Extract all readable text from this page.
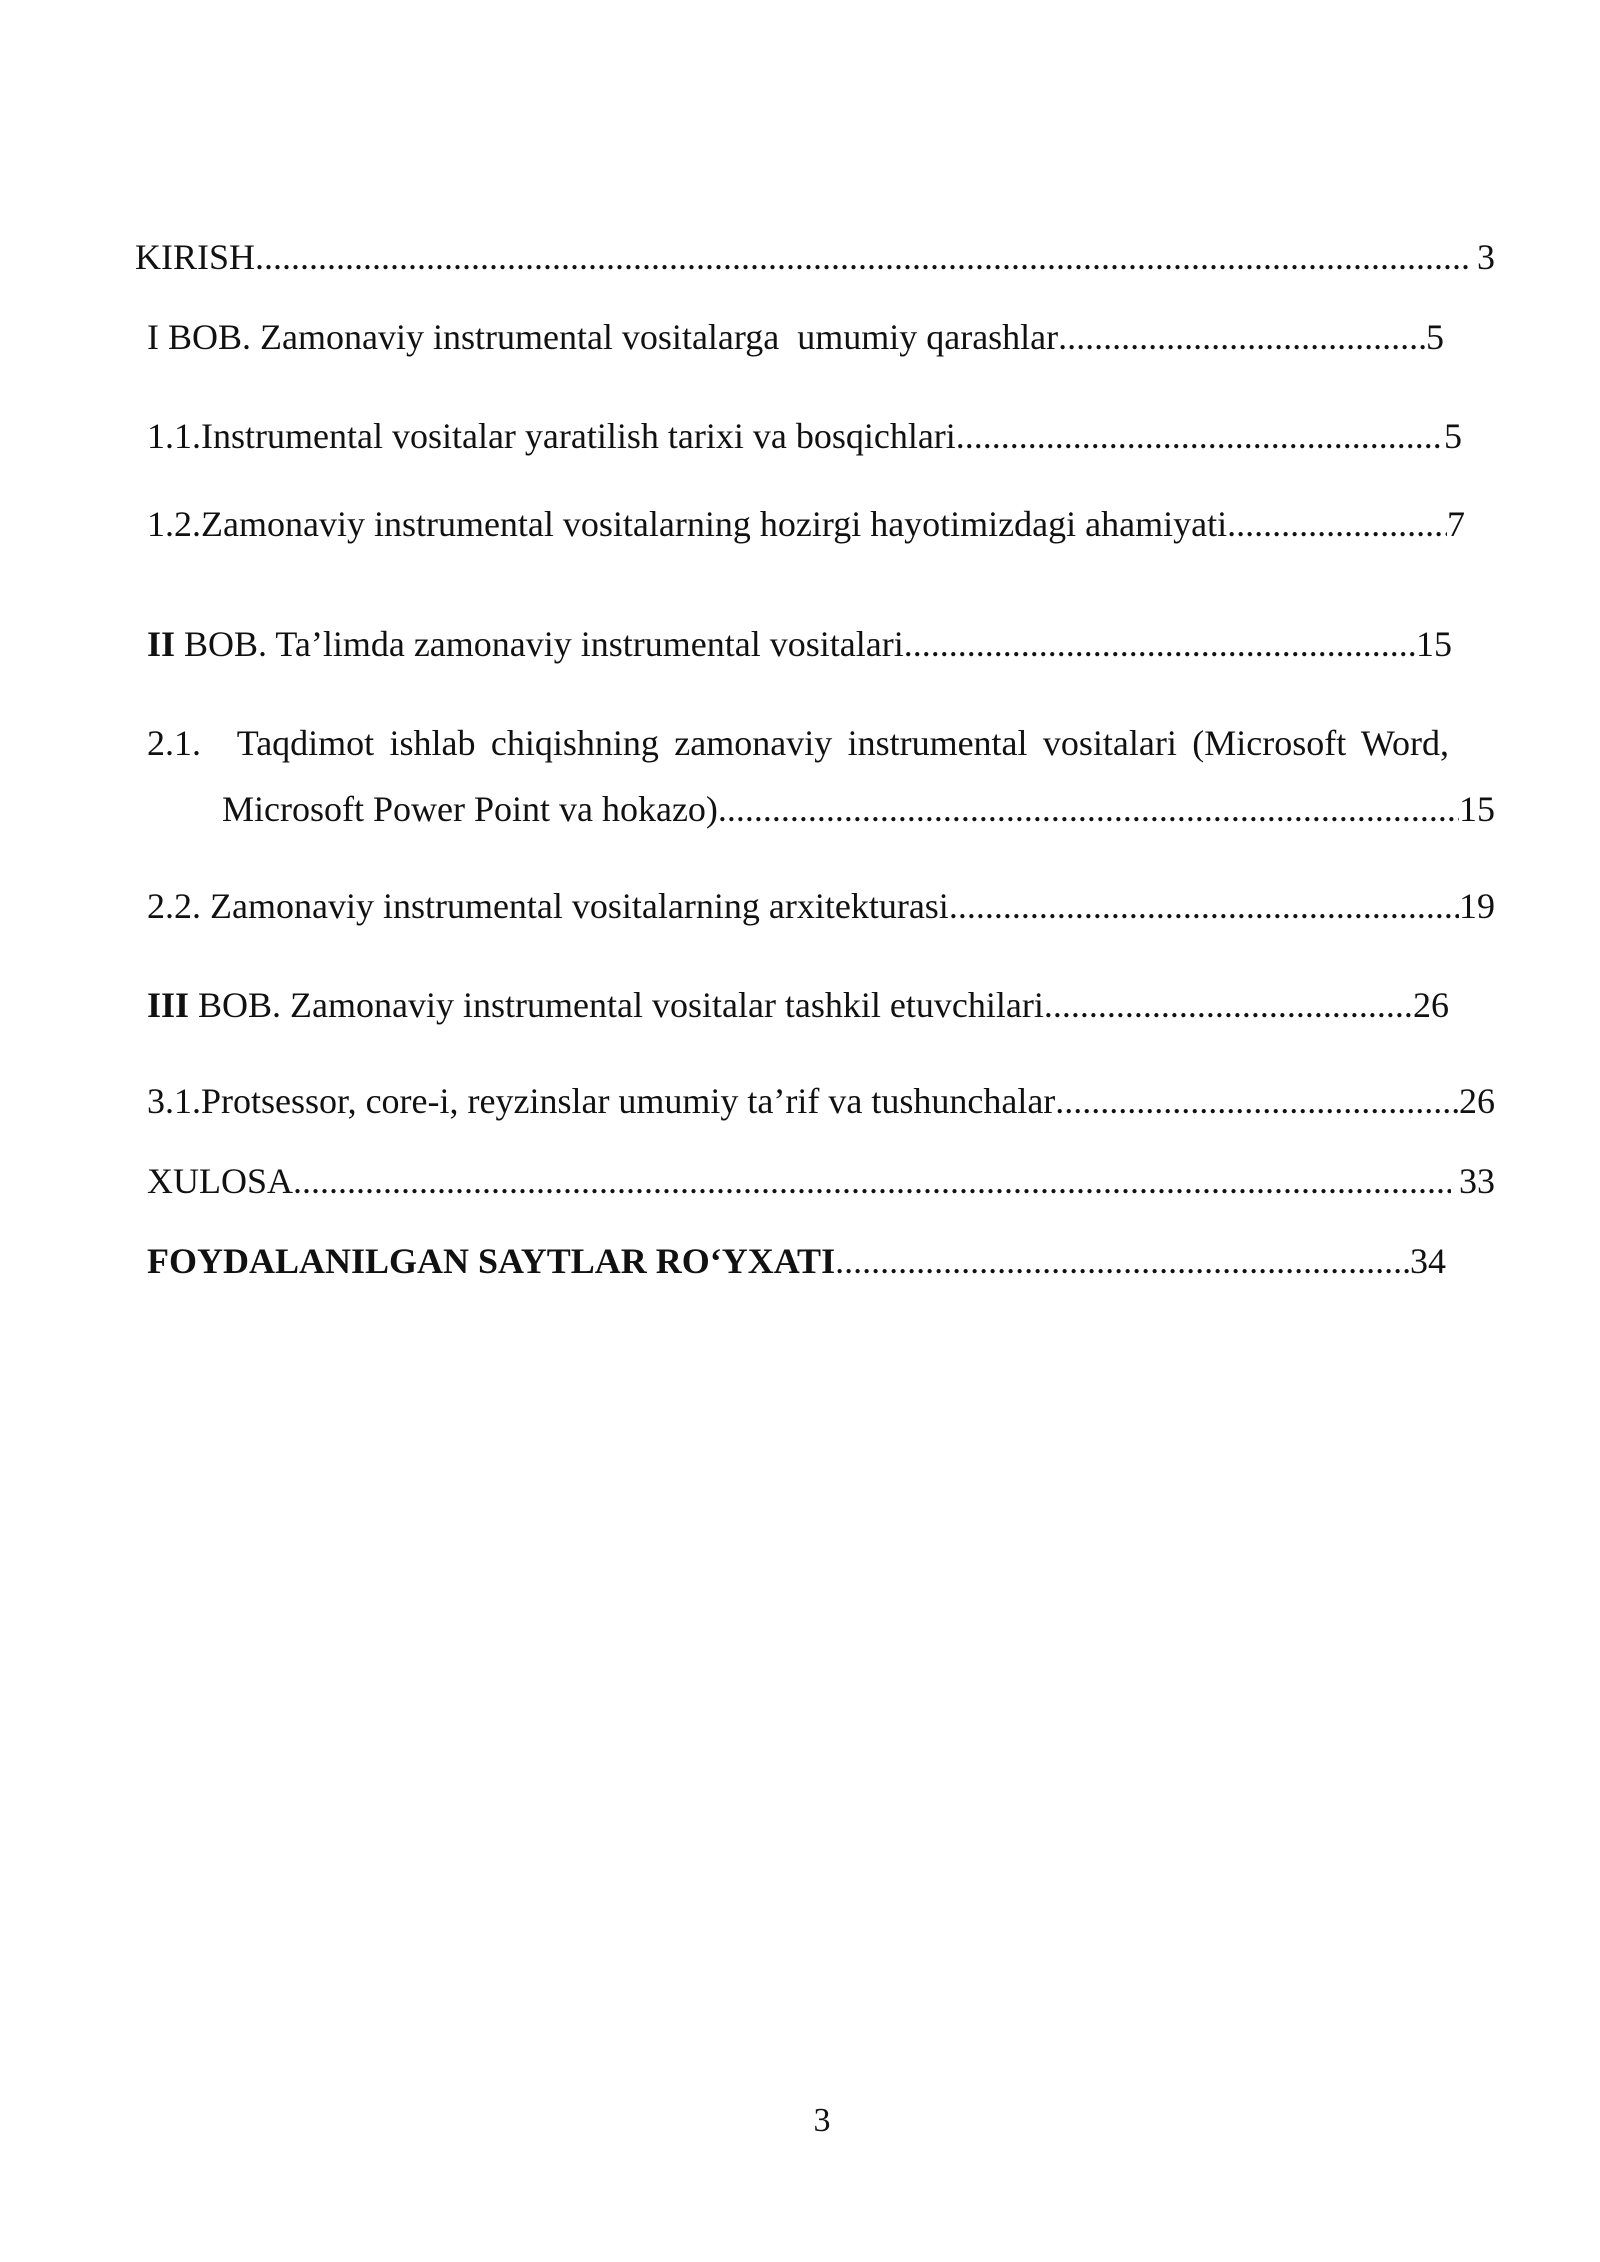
KIRISH .....	3
I BOB. Zamonaviy instrumental vositalarga  umumiy qarashlar .....	5
1.1. Instrumental vositalar yaratilish tarixi va bosqichlari .....	5
1.2. Zamonaviy instrumental vositalarning hozirgi hayotimizdagi ahamiyati .....	7
II BOB. Ta’limda zamonaviy instrumental vositalari .....	15
2.1. Taqdimot ishlab chiqishning zamonaviy instrumental vositalari (Microsoft Word,
Microsoft Power Point va hokazo) .....	15
2.2. Zamonaviy instrumental vositalarning arxitekturasi .....	19
III BOB. Zamonaviy instrumental vositalar tashkil etuvchilari .....	26
3.1. Protsessor, core-i, reyzinslar umumiy ta’rif va tushunchalar .....	26
XULOSA .....	33
FOYDALANILGAN SAYTLAR RO‘YXATI .....	34
3
